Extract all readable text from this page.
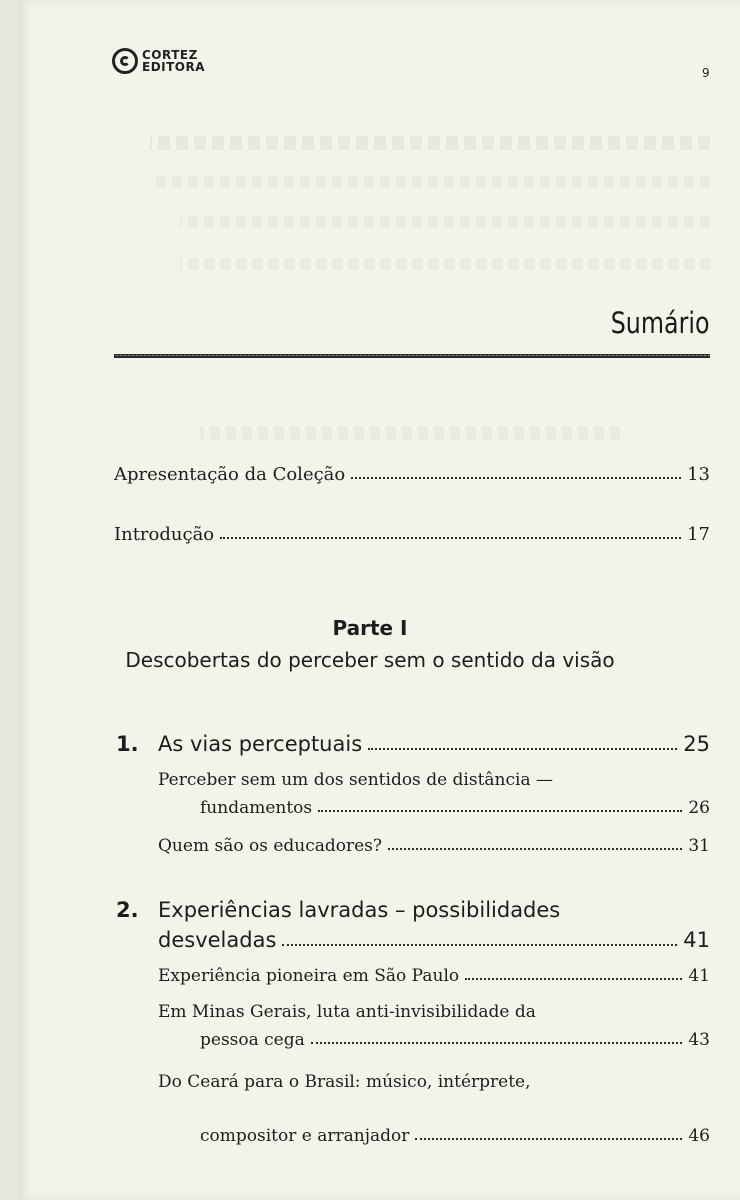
CORTEZ
EDITORA	9
Sumário
Apresentação da Coleção	13
Introdução	17
Parte I
Descobertas do perceber sem o sentido da visão
1. As vias perceptuais	25
Perceber sem um dos sentidos de distância —
fundamentos	26
Quem são os educadores?	31
2. Experiências lavradas – possibilidades
desveladas	41
Experiência pioneira em São Paulo	41
Em Minas Gerais, luta anti-invisibilidade da
pessoa cega	43
Do Ceará para o Brasil: músico, intérprete,
compositor e arranjador	46
